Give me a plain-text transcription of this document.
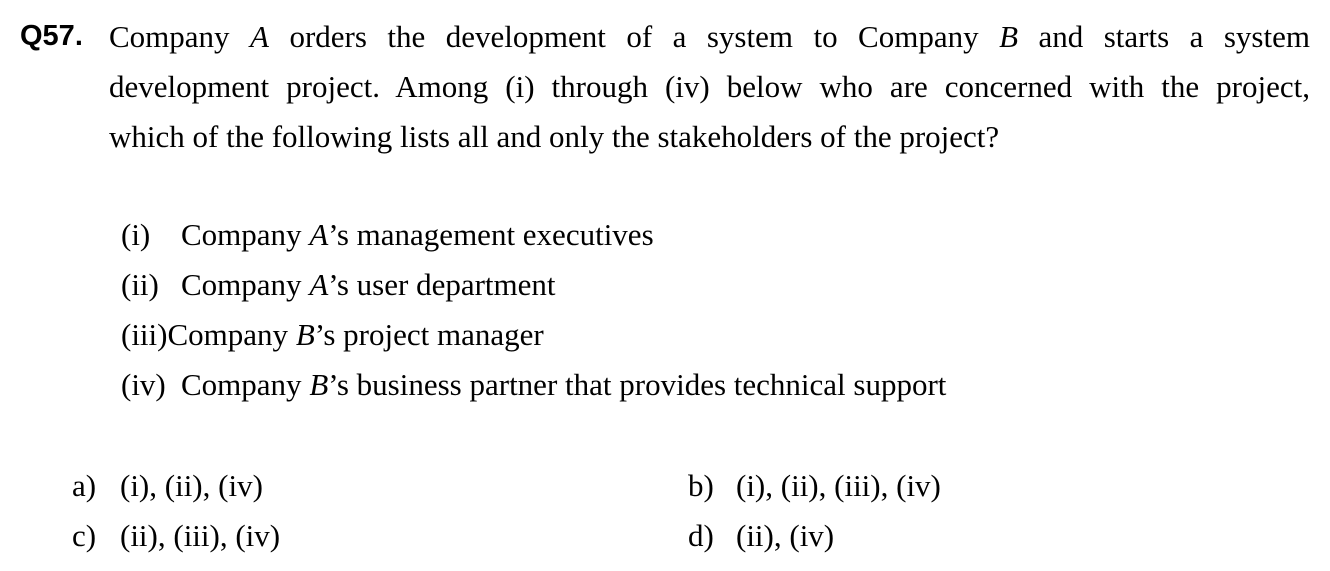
Q57. Company A orders the development of a system to Company B and starts a system
development project. Among (i) through (iv) below who are concerned with the project,
which of the following lists all and only the stakeholders of the project?
(i) Company A’s management executives
(ii) Company A’s user department
(iii)Company B’s project manager
(iv) Company B’s business partner that provides technical support
a) (i), (ii), (iv)	b) (i), (ii), (iii), (iv)
c) (ii), (iii), (iv)	d) (ii), (iv)
